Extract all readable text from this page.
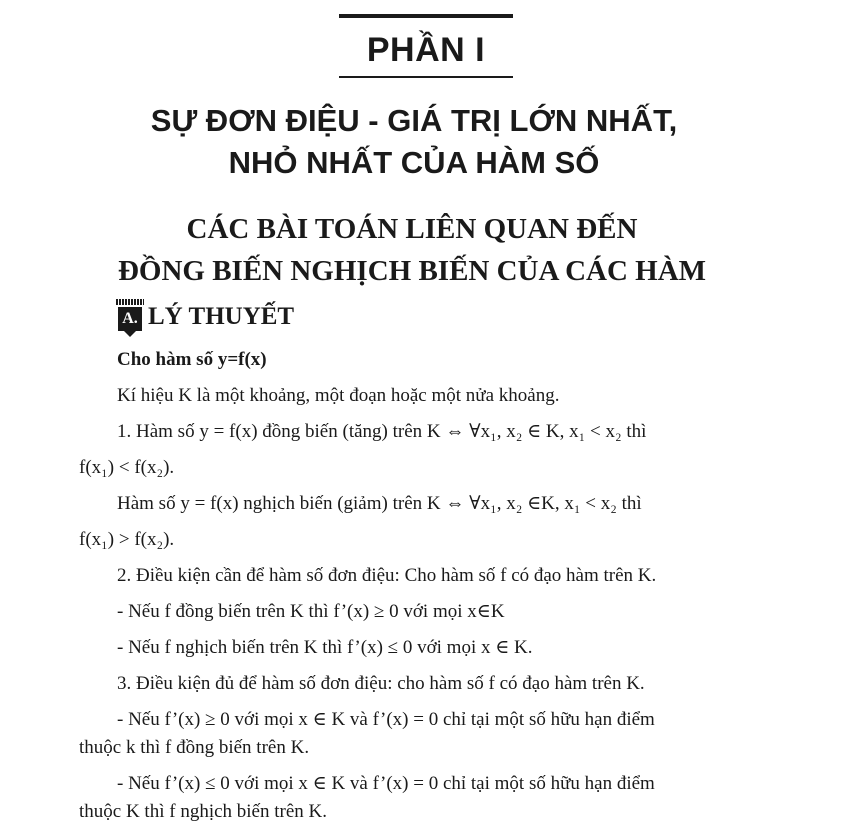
PHẦN I
SỰ ĐƠN ĐIỆU - GIÁ TRỊ LỚN NHẤT,
NHỎ NHẤT CỦA HÀM SỐ
CÁC BÀI TOÁN LIÊN QUAN ĐẾN
ĐỒNG BIẾN NGHỊCH BIẾN CỦA CÁC HÀM
A. LÝ THUYẾT
Cho hàm số y=f(x)
Kí hiệu K là một khoảng, một đoạn hoặc một nửa khoảng.
1. Hàm số y = f(x) đồng biến (tăng) trên K ⇔ ∀x₁, x₂ ∈ K, x₁ < x₂ thì
f(x₁) < f(x₂).
Hàm số y = f(x) nghịch biến (giảm) trên K ⇔ ∀x₁, x₂ ∈K, x₁ < x₂ thì
f(x₁) > f(x₂).
2. Điều kiện cần để hàm số đơn điệu: Cho hàm số f có đạo hàm trên K.
- Nếu f đồng biến trên K thì f’(x) ≥ 0 với mọi x∈K
- Nếu f nghịch biến trên K thì f’(x) ≤ 0 với mọi x ∈ K.
3. Điều kiện đủ để hàm số đơn điệu: cho hàm số f có đạo hàm trên K.
- Nếu f’(x) ≥ 0 với mọi x ∈ K và f’(x) = 0 chỉ tại một số hữu hạn điểm
thuộc k thì f đồng biến trên K.
- Nếu f’(x) ≤ 0 với mọi x ∈ K và f’(x) = 0 chỉ tại một số hữu hạn điểm
thuộc K thì f nghịch biến trên K.
